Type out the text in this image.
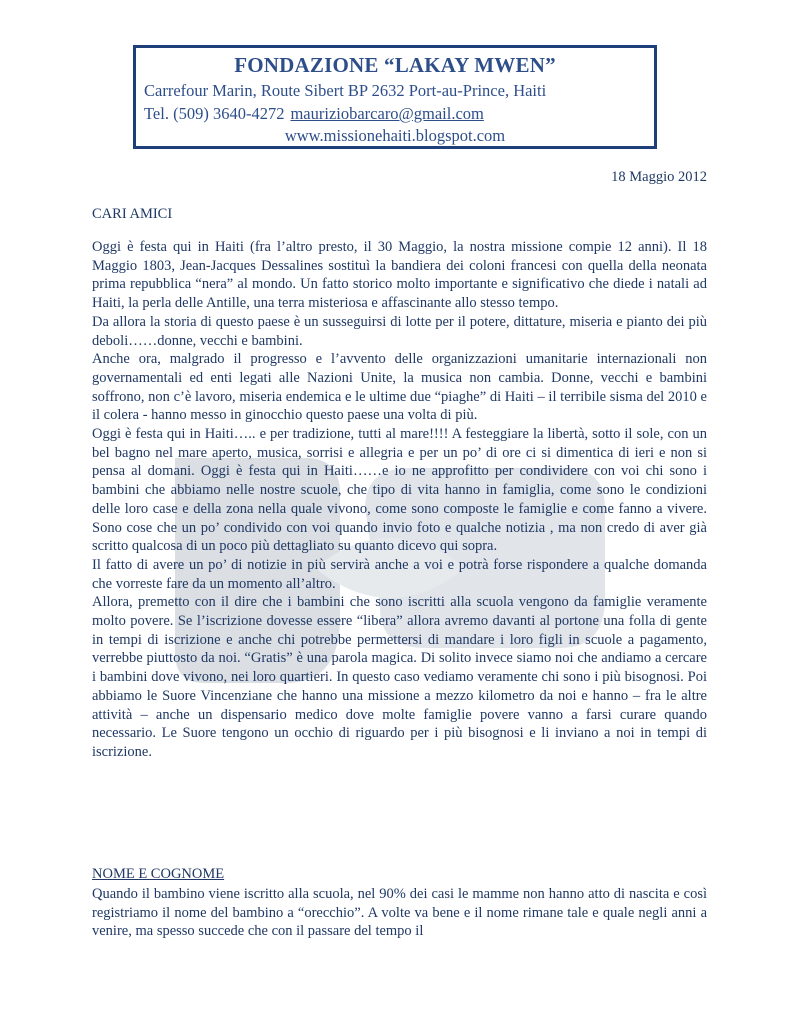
FONDAZIONE “LAKAY MWEN”
Carrefour Marin, Route Sibert BP 2632 Port-au-Prince, Haiti
Tel. (509) 3640-4272 mauriziobarcaro@gmail.com
www.missionehaiti.blogspot.com
18 Maggio 2012
CARI AMICI

Oggi è festa qui in Haiti (fra l’altro presto, il 30 Maggio, la nostra missione compie 12 anni). Il 18 Maggio 1803, Jean-Jacques Dessalines sostituì la bandiera dei coloni francesi con quella della neonata prima repubblica “nera” al mondo. Un fatto storico molto importante e significativo che diede i natali ad Haiti, la perla delle Antille, una terra misteriosa e affascinante allo stesso tempo.

Da allora la storia di questo paese è un susseguirsi di lotte per il potere, dittature, miseria e pianto dei più deboli……donne, vecchi e bambini.

Anche ora, malgrado il progresso e l’avvento delle organizzazioni umanitarie internazionali non governamentali ed enti legati alle Nazioni Unite, la musica non cambia. Donne, vecchi e bambini soffrono, non c’è lavoro, miseria endemica e le ultime due “piaghe” di Haiti – il terribile sisma del 2010 e il colera - hanno messo in ginocchio questo paese una volta di più.

Oggi è festa qui in Haiti….. e per tradizione, tutti al mare!!!! A festeggiare la libertà, sotto il sole, con un bel bagno nel mare aperto, musica, sorrisi e allegria e per un po’ di ore ci si dimentica di ieri e non si pensa al domani. Oggi è festa qui in Haiti……e io ne approfitto per condividere con voi chi sono i bambini che abbiamo nelle nostre scuole, che tipo di vita hanno in famiglia, come sono le condizioni delle loro case e della zona nella quale vivono, come sono composte le famiglie e come fanno a vivere. Sono cose che un po’ condivido con voi quando invio foto e qualche notizia , ma non credo di aver già scritto qualcosa di un poco più dettagliato su quanto dicevo qui sopra.

Il fatto di avere un po’ di notizie in più servirà anche a voi e potrà forse rispondere a qualche domanda che vorreste fare da un momento all’altro.

Allora, premetto con il dire che i bambini che sono iscritti alla scuola vengono da famiglie veramente molto povere. Se l’iscrizione dovesse essere “libera” allora avremo davanti al portone una folla di gente in tempi di iscrizione e anche chi potrebbe permettersi di mandare i loro figli in scuole a pagamento, verrebbe piuttosto da noi. “Gratis” è una parola magica. Di solito invece siamo noi che andiamo a cercare i bambini dove vivono, nei loro quartieri. In questo caso vediamo veramente chi sono i più bisognosi. Poi abbiamo le Suore Vincenziane che hanno una missione a mezzo kilometro da noi e hanno – fra le altre attività – anche un dispensario medico dove molte famiglie povere vanno a farsi curare quando necessario. Le Suore tengono un occhio di riguardo per i più bisognosi e li inviano a noi in tempi di iscrizione.

NOME E COGNOME

Quando il bambino viene iscritto alla scuola, nel 90% dei casi le mamme non hanno atto di nascita e così registriamo il nome del bambino a “orecchio”. A volte va bene e il nome rimane tale e quale negli anni a venire, ma spesso succede che con il passare del tempo il
